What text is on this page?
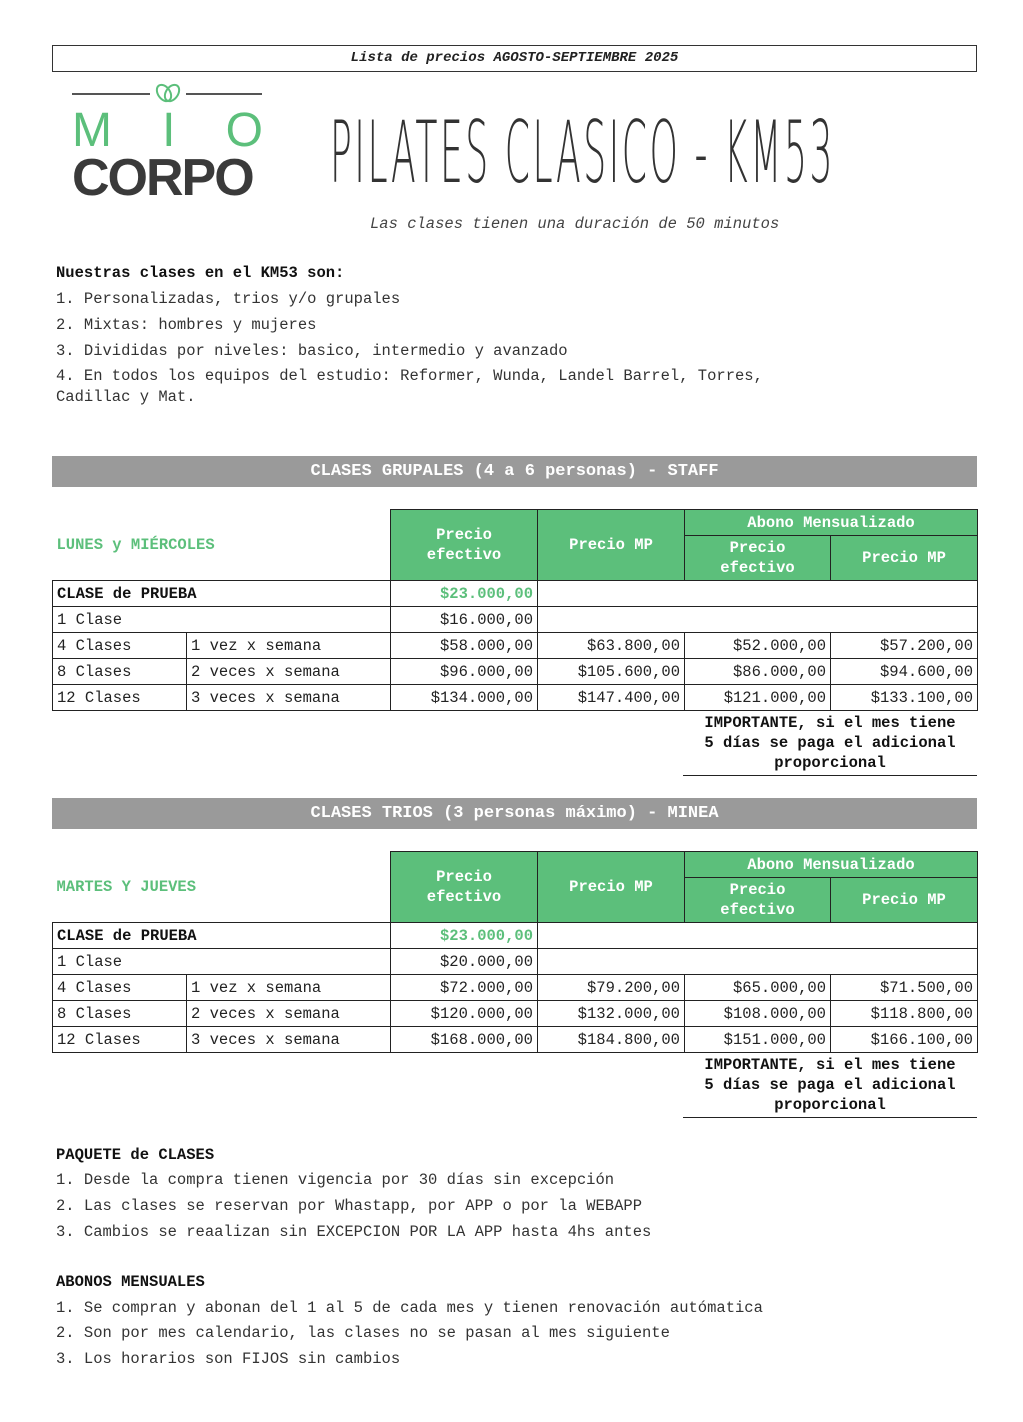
Lista de precios AGOSTO-SEPTIEMBRE 2025
M I O
CORPO PILATES CLASICO - KM53
Las clases tienen una duración de 50 minutos
Nuestras clases en el KM53 son:
1. Personalizadas, trios y/o grupales
2. Mixtas: hombres y mujeres
3. Divididas por niveles: basico, intermedio y avanzado
4. En todos los equipos del estudio: Reformer, Wunda, Landel Barrel, Torres,
Cadillac y Mat.
CLASES GRUPALES (4 a 6 personas) - STAFF
LUNES y MIÉRCOLES		Precio efectivo	Precio MP	Abono Mensualizado	
				Precio efectivo	Precio MP
CLASE de PRUEBA		$23.000,00			
1 Clase		$16.000,00			
4 Clases	1 vez x semana	$58.000,00	$63.800,00	$52.000,00	$57.200,00
8 Clases	2 veces x semana	$96.000,00	$105.600,00	$86.000,00	$94.600,00
12 Clases	3 veces x semana	$134.000,00	$147.400,00	$121.000,00	$133.100,00
IMPORTANTE, si el mes tiene
5 días se paga el adicional
proporcional
CLASES TRIOS (3 personas máximo) - MINEA
MARTES Y JUEVES		Precio efectivo	Precio MP	Abono Mensualizado	
				Precio efectivo	Precio MP
CLASE de PRUEBA		$23.000,00			
1 Clase		$20.000,00			
4 Clases	1 vez x semana	$72.000,00	$79.200,00	$65.000,00	$71.500,00
8 Clases	2 veces x semana	$120.000,00	$132.000,00	$108.000,00	$118.800,00
12 Clases	3 veces x semana	$168.000,00	$184.800,00	$151.000,00	$166.100,00
IMPORTANTE, si el mes tiene
5 días se paga el adicional
proporcional
PAQUETE de CLASES
1. Desde la compra tienen vigencia por 30 días sin excepción
2. Las clases se reservan por Whastapp, por APP o por la WEBAPP
3. Cambios se reaalizan sin EXCEPCION POR LA APP hasta 4hs antes
ABONOS MENSUALES
1. Se compran y abonan del 1 al 5 de cada mes y tienen renovación autómatica
2. Son por mes calendario, las clases no se pasan al mes siguiente
3. Los horarios son FIJOS sin cambios
